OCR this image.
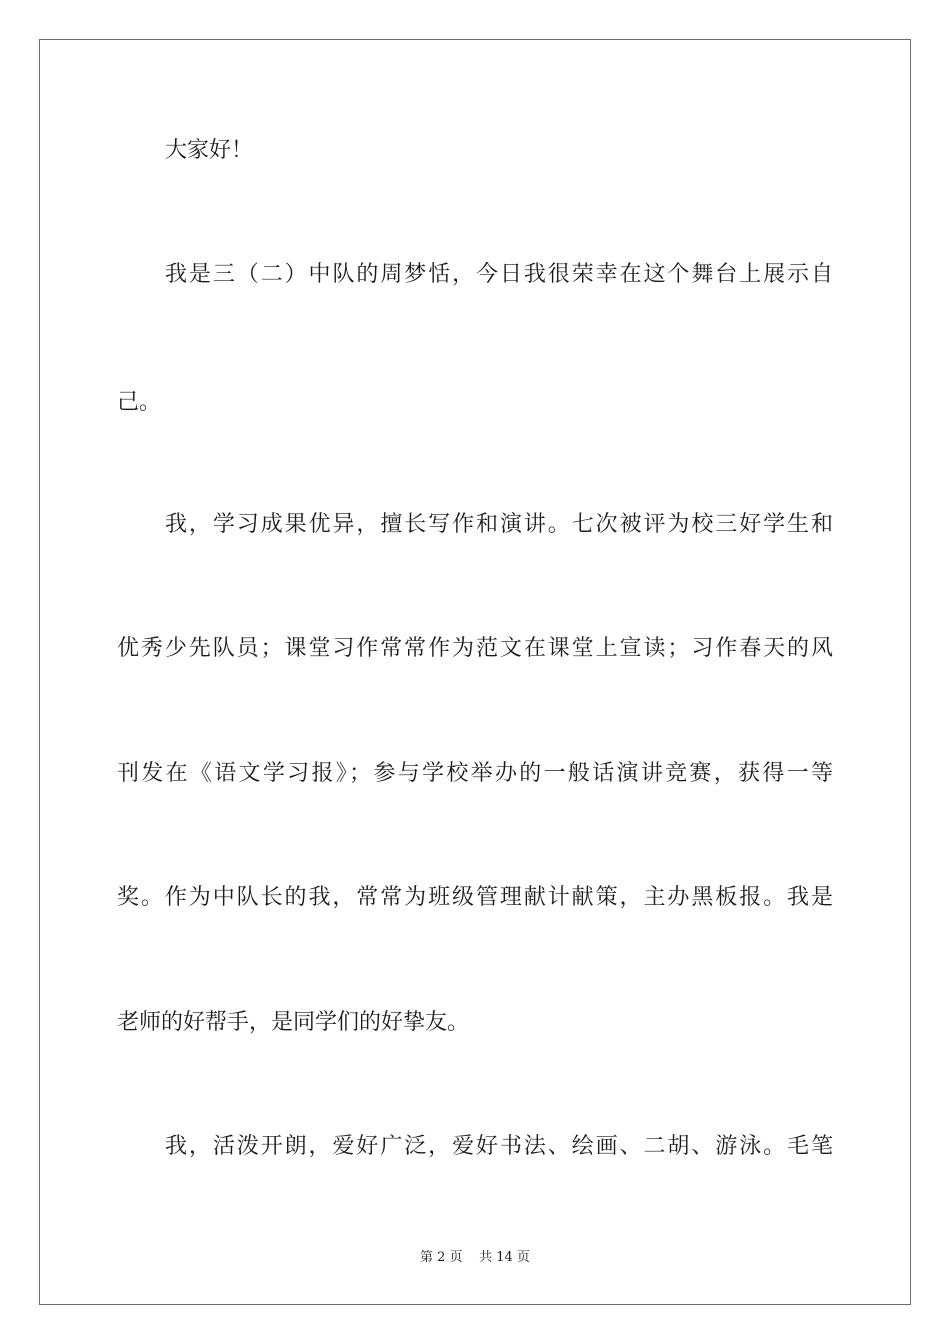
大家好！
我是三（二）中队的周梦恬，今日我很荣幸在这个舞台上展示自
己。
我，学习成果优异，擅长写作和演讲。七次被评为校三好学生和
优秀少先队员；课堂习作常常作为范文在课堂上宣读；习作春天的风
刊发在《语文学习报》；参与学校举办的一般话演讲竞赛，获得一等
奖。作为中队长的我，常常为班级管理献计献策，主办黑板报。我是
老师的好帮手，是同学们的好挚友。
我，活泼开朗，爱好广泛，爱好书法、绘画、二胡、游泳。毛笔
第 2 页 共 14 页
